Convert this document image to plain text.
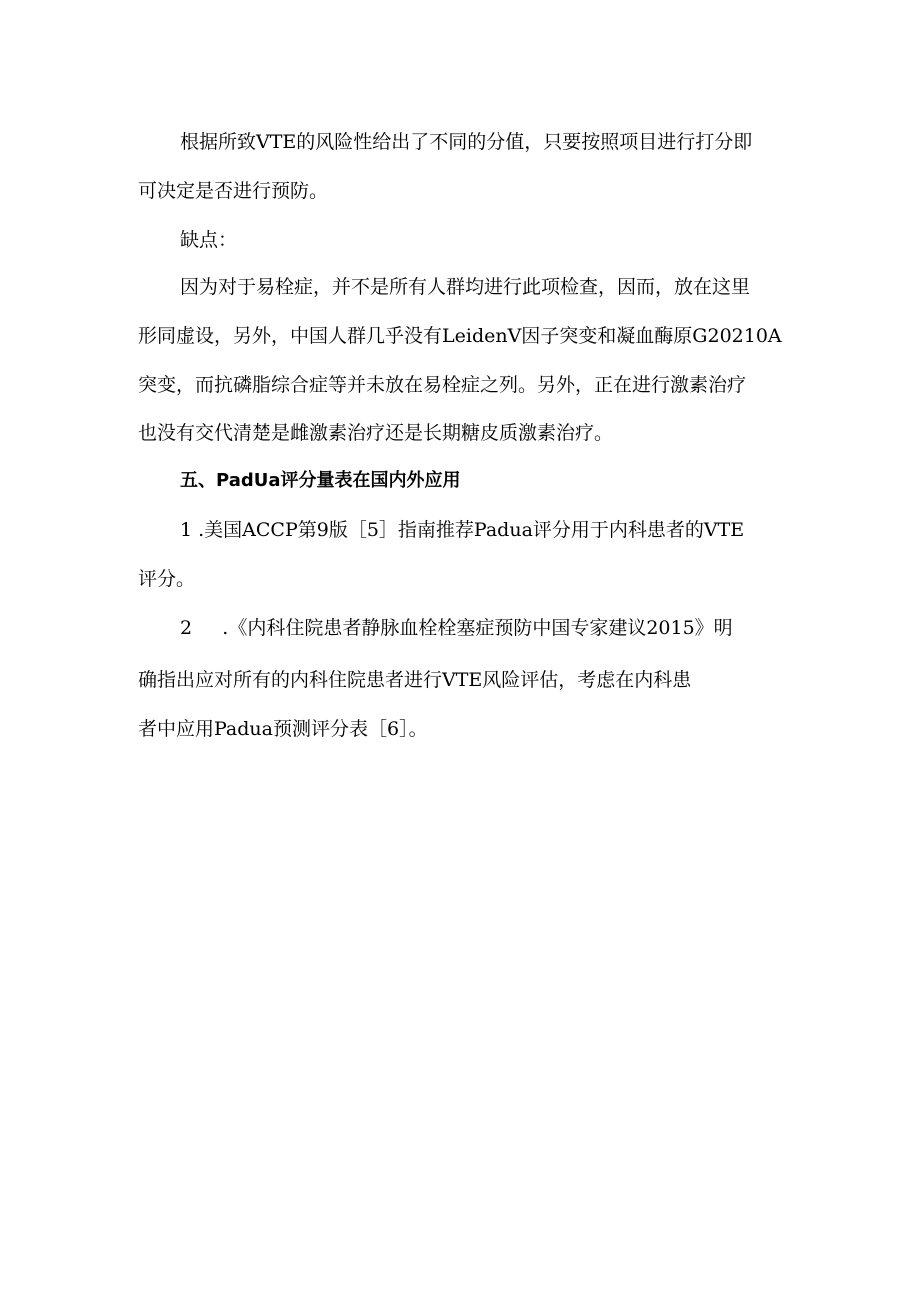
根据所致VTE的风险性给出了不同的分值，只要按照项目进行打分即

可决定是否进行预防。

缺点：

因为对于易栓症，并不是所有人群均进行此项检查，因而，放在这里

形同虚设，另外，中国人群几乎没有LeidenV因子突变和凝血酶原G20210A

突变，而抗磷脂综合症等并未放在易栓症之列。另外，正在进行激素治疗

也没有交代清楚是雌激素治疗还是长期糖皮质激素治疗。

五、PadUa评分量表在国内外应用

1 .美国ACCP第9版［5］指南推荐Padua评分用于内科患者的VTE

评分。

2     .《内科住院患者静脉血栓栓塞症预防中国专家建议2015》明

确指出应对所有的内科住院患者进行VTE风险评估，考虑在内科患

者中应用Padua预测评分表［6］。
